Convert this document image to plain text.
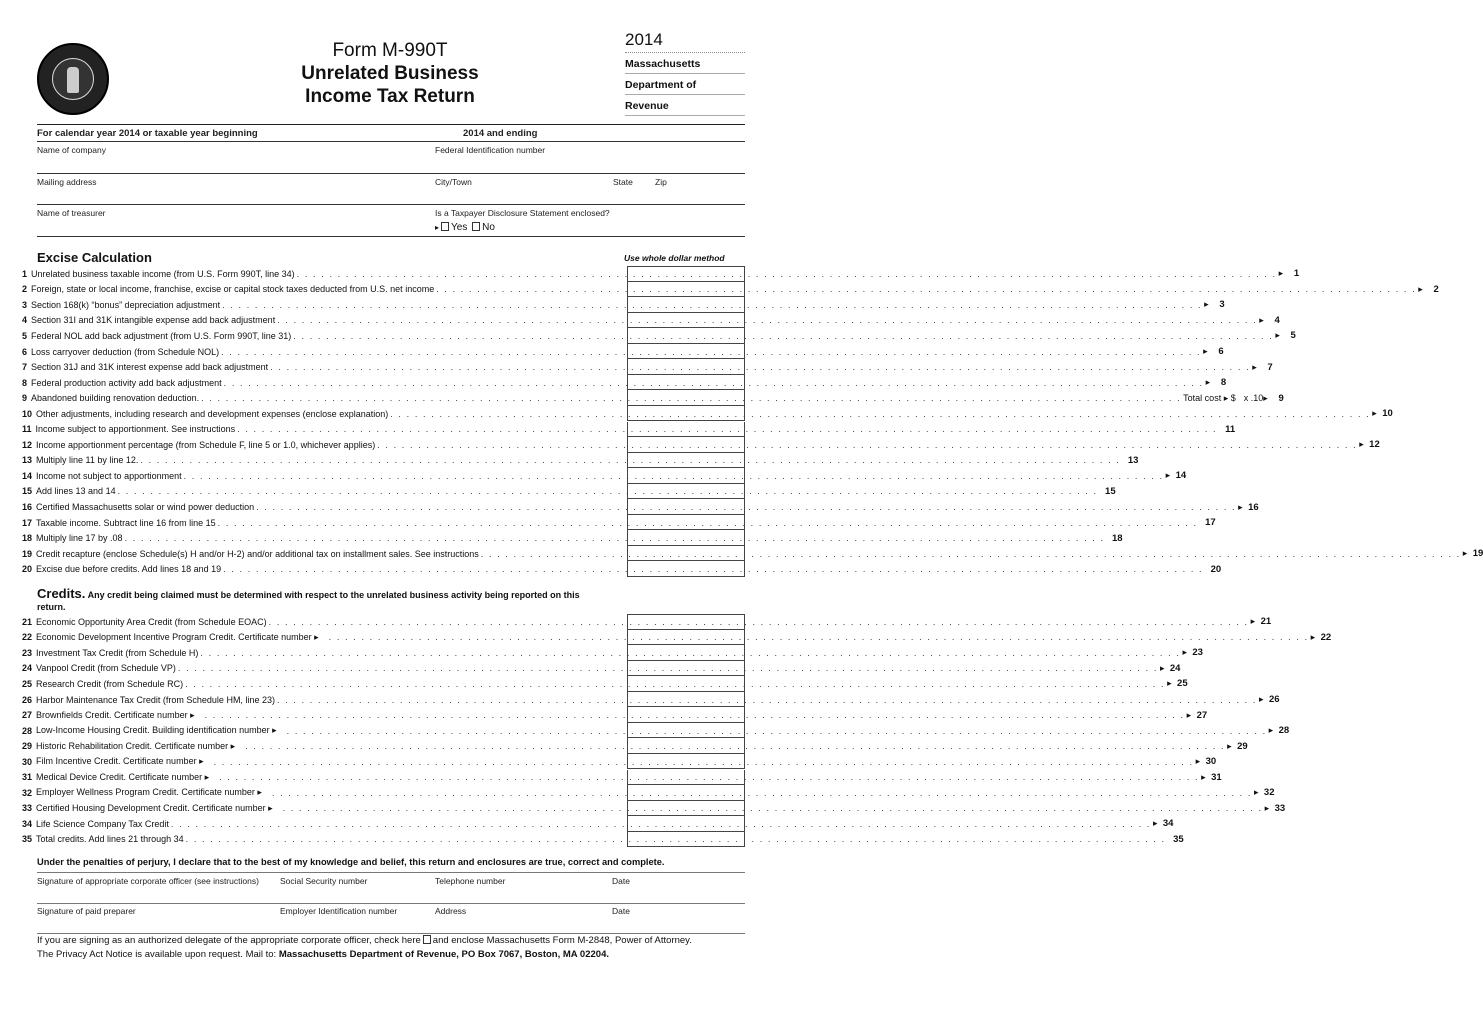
Form M-990T
Unrelated Business
Income Tax Return
2014
Massachusetts
Department of
Revenue
For calendar year 2014 or taxable year beginning	2014 and ending
Name of company	Federal Identification number
Mailing address	City/Town	State	Zip
Name of treasurer	Is a Taxpayer Disclosure Statement enclosed?
▸ Yes No
Excise Calculation	Use whole dollar method
1 Unrelated business taxable income (from U.S. Form 990T, line 34) . . . . . . . . . . . . . . . . . . . . . . . . . . . . . . . . . . . . . . . . . . . . . . . . . . . . . . . . . . . . . . . . . . . . . . . . . . . . . . . . . . . . . . . . . . . . . . . . . . . . . . . . . . . . . . . . . . . . . . . . ▸	1
2 Foreign, state or local income, franchise, excise or capital stock taxes deducted from U.S. net income . . . . . . . . . . . . . . . . . . . . . . . . . . . . . . . . . . . . . . . . . . . . . . . . . . . . . . . . . . . . . . . . . . . . . . . . . . . . . . . . . . . . . . . . . . . . . . . . . . . . . . . . . . . . . . . . . . . . . . . . ▸	2
3 Section 168(k) “bonus” depreciation adjustment . . . . . . . . . . . . . . . . . . . . . . . . . . . . . . . . . . . . . . . . . . . . . . . . . . . . . . . . . . . . . . . . . . . . . . . . . . . . . . . . . . . . . . . . . . . . . . . . . . . . . . . . . . . . . . . . . . . . . . . . ▸	3
4 Section 31I and 31K intangible expense add back adjustment . . . . . . . . . . . . . . . . . . . . . . . . . . . . . . . . . . . . . . . . . . . . . . . . . . . . . . . . . . . . . . . . . . . . . . . . . . . . . . . . . . . . . . . . . . . . . . . . . . . . . . . . . . . . . . . . . . . . . . . . ▸	4
5 Federal NOL add back adjustment (from U.S. Form 990T, line 31) . . . . . . . . . . . . . . . . . . . . . . . . . . . . . . . . . . . . . . . . . . . . . . . . . . . . . . . . . . . . . . . . . . . . . . . . . . . . . . . . . . . . . . . . . . . . . . . . . . . . . . . . . . . . . . . . . . . . . . . . ▸	5
6 Loss carryover deduction (from Schedule NOL) . . . . . . . . . . . . . . . . . . . . . . . . . . . . . . . . . . . . . . . . . . . . . . . . . . . . . . . . . . . . . . . . . . . . . . . . . . . . . . . . . . . . . . . . . . . . . . . . . . . . . . . . . . . . . . . . . . . . . . . . ▸	6
7 Section 31J and 31K interest expense add back adjustment . . . . . . . . . . . . . . . . . . . . . . . . . . . . . . . . . . . . . . . . . . . . . . . . . . . . . . . . . . . . . . . . . . . . . . . . . . . . . . . . . . . . . . . . . . . . . . . . . . . . . . . . . . . . . . . . . . . . . . . . ▸	7
8 Federal production activity add back adjustment . . . . . . . . . . . . . . . . . . . . . . . . . . . . . . . . . . . . . . . . . . . . . . . . . . . . . . . . . . . . . . . . . . . . . . . . . . . . . . . . . . . . . . . . . . . . . . . . . . . . . . . . . . . . . . . . . . . . . . . . ▸	8
9 Abandoned building renovation deduction. . . . . . . . . . . . . . . . . . . . . . . . . . . . . . . . . . . . . . . . . . . . . . . . . . . . . . . . . . . . . . . . . . . . . . . . . . . . . . . . . . . . . . . . . . . . . . . . . . . . . . . . . . . . . . . . . . . . . . . . . Total cost ▸ $ x .10 ▸	9
10 Other adjustments, including research and development expenses (enclose explanation) . . . . . . . . . . . . . . . . . . . . . . . . . . . . . . . . . . . . . . . . . . . . . . . . . . . . . . . . . . . . . . . . . . . . . . . . . . . . . . . . . . . . . . . . . . . . . . . . . . . . . . . . . . . . . . . . . . . . . . . . ▸ 10
11 Income subject to apportionment. See instructions . . . . . . . . . . . . . . . . . . . . . . . . . . . . . . . . . . . . . . . . . . . . . . . . . . . . . . . . . . . . . . . . . . . . . . . . . . . . . . . . . . . . . . . . . . . . . . . . . . . . . . . . . . . . . . . . . . . . . . . . 11
12 Income apportionment percentage (from Schedule F, line 5 or 1.0, whichever applies) . . . . . . . . . . . . . . . . . . . . . . . . . . . . . . . . . . . . . . . . . . . . . . . . . . . . . . . . . . . . . . . . . . . . . . . . . . . . . . . . . . . . . . . . . . . . . . . . . . . . . . . . . . . . . . . . . . . . . . . . ▸ 12
13 Multiply line 11 by line 12. . . . . . . . . . . . . . . . . . . . . . . . . . . . . . . . . . . . . . . . . . . . . . . . . . . . . . . . . . . . . . . . . . . . . . . . . . . . . . . . . . . . . . . . . . . . . . . . . . . . . . . . . . . . . . . . . . . . . . . . . 13
14 Income not subject to apportionment . . . . . . . . . . . . . . . . . . . . . . . . . . . . . . . . . . . . . . . . . . . . . . . . . . . . . . . . . . . . . . . . . . . . . . . . . . . . . . . . . . . . . . . . . . . . . . . . . . . . . . . . . . . . . . . . . . . . . . . . ▸ 14
15 Add lines 13 and 14 . . . . . . . . . . . . . . . . . . . . . . . . . . . . . . . . . . . . . . . . . . . . . . . . . . . . . . . . . . . . . . . . . . . . . . . . . . . . . . . . . . . . . . . . . . . . . . . . . . . . . . . . . . . . . . . . . . . . . . . . 15
16 Certified Massachusetts solar or wind power deduction . . . . . . . . . . . . . . . . . . . . . . . . . . . . . . . . . . . . . . . . . . . . . . . . . . . . . . . . . . . . . . . . . . . . . . . . . . . . . . . . . . . . . . . . . . . . . . . . . . . . . . . . . . . . . . . . . . . . . . . . ▸ 16
17 Taxable income. Subtract line 16 from line 15 . . . . . . . . . . . . . . . . . . . . . . . . . . . . . . . . . . . . . . . . . . . . . . . . . . . . . . . . . . . . . . . . . . . . . . . . . . . . . . . . . . . . . . . . . . . . . . . . . . . . . . . . . . . . . . . . . . . . . . . . 17
18 Multiply line 17 by .08 . . . . . . . . . . . . . . . . . . . . . . . . . . . . . . . . . . . . . . . . . . . . . . . . . . . . . . . . . . . . . . . . . . . . . . . . . . . . . . . . . . . . . . . . . . . . . . . . . . . . . . . . . . . . . . . . . . . . . . . . 18
19 Credit recapture (enclose Schedule(s) H and/or H-2) and/or additional tax on installment sales. See instructions . . . . . . . . . . . . . . . . . . . . . . . . . . . . . . . . . . . . . . . . . . . . . . . . . . . . . . . . . . . . . . . . . . . . . . . . . . . . . . . . . . . . . . . . . . . . . . . . . . . . . . . . . . . . . . . . . . . . . . . . ▸ 19
20 Excise due before credits. Add lines 18 and 19 . . . . . . . . . . . . . . . . . . . . . . . . . . . . . . . . . . . . . . . . . . . . . . . . . . . . . . . . . . . . . . . . . . . . . . . . . . . . . . . . . . . . . . . . . . . . . . . . . . . . . . . . . . . . . . . . . . . . . . . . 20
Credits. Any credit being claimed must be determined with respect to the unrelated business activity being reported on this return.
21 Economic Opportunity Area Credit (from Schedule EOAC) . . . . . . . . . . . . . . . . . . . . . . . . . . . . . . . . . . . . . . . . . . . . . . . . . . . . . . . . . . . . . . . . . . . . . . . . . . . . . . . . . . . . . . . . . . . . . . . . . . . . . . . . . . . . . . . . . . . . . . . . ▸ 21
22 Economic Development Incentive Program Credit. Certificate number ▸ . . . . . . . . . . . . . . . . . . . . . . . . . . . . . . . . . . . . . . . . . . . . . . . . . . . . . . . . . . . . . . . . . . . . . . . . . . . . . . . . . . . . . . . . . . . . . . . . . . . . . . . . . . . . . . . . . . . . . . . . ▸ 22
23 Investment Tax Credit (from Schedule H) . . . . . . . . . . . . . . . . . . . . . . . . . . . . . . . . . . . . . . . . . . . . . . . . . . . . . . . . . . . . . . . . . . . . . . . . . . . . . . . . . . . . . . . . . . . . . . . . . . . . . . . . . . . . . . . . . . . . . . . . ▸ 23
24 Vanpool Credit (from Schedule VP) . . . . . . . . . . . . . . . . . . . . . . . . . . . . . . . . . . . . . . . . . . . . . . . . . . . . . . . . . . . . . . . . . . . . . . . . . . . . . . . . . . . . . . . . . . . . . . . . . . . . . . . . . . . . . . . . . . . . . . . . ▸ 24
25 Research Credit (from Schedule RC) . . . . . . . . . . . . . . . . . . . . . . . . . . . . . . . . . . . . . . . . . . . . . . . . . . . . . . . . . . . . . . . . . . . . . . . . . . . . . . . . . . . . . . . . . . . . . . . . . . . . . . . . . . . . . . . . . . . . . . . . ▸ 25
26 Harbor Maintenance Tax Credit (from Schedule HM, line 23) . . . . . . . . . . . . . . . . . . . . . . . . . . . . . . . . . . . . . . . . . . . . . . . . . . . . . . . . . . . . . . . . . . . . . . . . . . . . . . . . . . . . . . . . . . . . . . . . . . . . . . . . . . . . . . . . . . . . . . . . ▸ 26
27 Brownfields Credit. Certificate number ▸ . . . . . . . . . . . . . . . . . . . . . . . . . . . . . . . . . . . . . . . . . . . . . . . . . . . . . . . . . . . . . . . . . . . . . . . . . . . . . . . . . . . . . . . . . . . . . . . . . . . . . . . . . . . . . . . . . . . . . . . . ▸ 27
28 Low-Income Housing Credit. Building identification number ▸ . . . . . . . . . . . . . . . . . . . . . . . . . . . . . . . . . . . . . . . . . . . . . . . . . . . . . . . . . . . . . . . . . . . . . . . . . . . . . . . . . . . . . . . . . . . . . . . . . . . . . . . . . . . . . . . . . . . . . . . . ▸ 28
29 Historic Rehabilitation Credit. Certificate number ▸ . . . . . . . . . . . . . . . . . . . . . . . . . . . . . . . . . . . . . . . . . . . . . . . . . . . . . . . . . . . . . . . . . . . . . . . . . . . . . . . . . . . . . . . . . . . . . . . . . . . . . . . . . . . . . . . . . . . . . . . . ▸ 29
30 Film Incentive Credit. Certificate number ▸ . . . . . . . . . . . . . . . . . . . . . . . . . . . . . . . . . . . . . . . . . . . . . . . . . . . . . . . . . . . . . . . . . . . . . . . . . . . . . . . . . . . . . . . . . . . . . . . . . . . . . . . . . . . . . . . . . . . . . . . . ▸ 30
31 Medical Device Credit. Certificate number ▸ . . . . . . . . . . . . . . . . . . . . . . . . . . . . . . . . . . . . . . . . . . . . . . . . . . . . . . . . . . . . . . . . . . . . . . . . . . . . . . . . . . . . . . . . . . . . . . . . . . . . . . . . . . . . . . . . . . . . . . . . ▸ 31
32 Employer Wellness Program Credit. Certificate number ▸ . . . . . . . . . . . . . . . . . . . . . . . . . . . . . . . . . . . . . . . . . . . . . . . . . . . . . . . . . . . . . . . . . . . . . . . . . . . . . . . . . . . . . . . . . . . . . . . . . . . . . . . . . . . . . . . . . . . . . . . . ▸ 32
33 Certified Housing Development Credit. Certificate number ▸ . . . . . . . . . . . . . . . . . . . . . . . . . . . . . . . . . . . . . . . . . . . . . . . . . . . . . . . . . . . . . . . . . . . . . . . . . . . . . . . . . . . . . . . . . . . . . . . . . . . . . . . . . . . . . . . . . . . . . . . . ▸ 33
34 Life Science Company Tax Credit . . . . . . . . . . . . . . . . . . . . . . . . . . . . . . . . . . . . . . . . . . . . . . . . . . . . . . . . . . . . . . . . . . . . . . . . . . . . . . . . . . . . . . . . . . . . . . . . . . . . . . . . . . . . . . . . . . . . . . . . ▸ 34
35 Total credits. Add lines 21 through 34 . . . . . . . . . . . . . . . . . . . . . . . . . . . . . . . . . . . . . . . . . . . . . . . . . . . . . . . . . . . . . . . . . . . . . . . . . . . . . . . . . . . . . . . . . . . . . . . . . . . . . . . . . . . . . . . . . . . . . . . . 35
Under the penalties of perjury, I declare that to the best of my knowledge and belief, this return and enclosures are true, correct and complete.
Signature of appropriate corporate officer (see instructions) Social Security number	Telephone number	Date
Signature of paid preparer	Employer Identification number	Address	Date
If you are signing as an authorized delegate of the appropriate corporate officer, check here and enclose Massachusetts Form M-2848, Power of Attorney.
The Privacy Act Notice is available upon request. Mail to: Massachusetts Department of Revenue, PO Box 7067, Boston, MA 02204.
